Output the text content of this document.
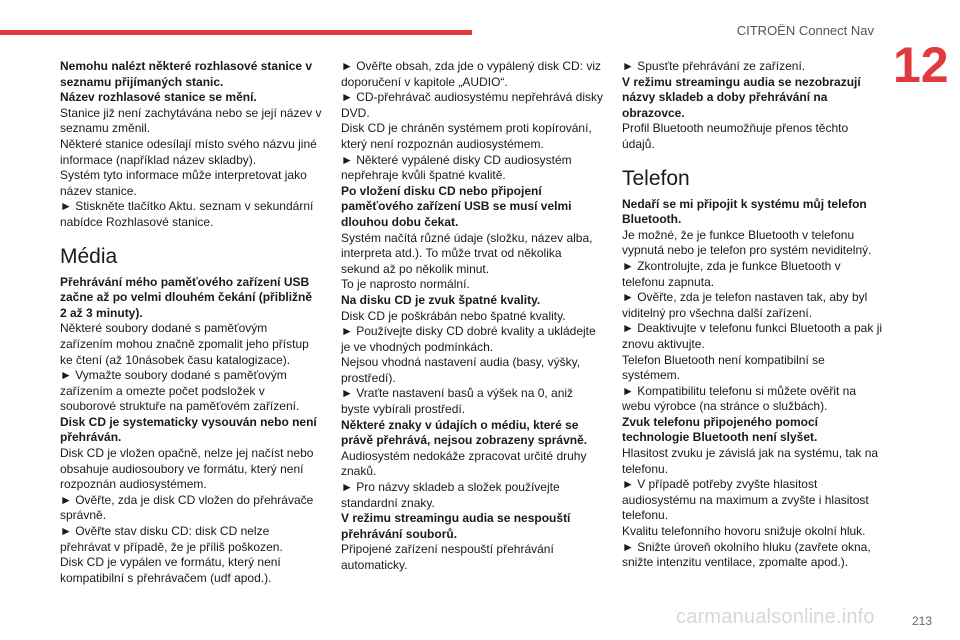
CITROËN Connect Nav
12

Nemohu nalézt některé rozhlasové stanice v seznamu přijímaných stanic.

Název rozhlasové stanice se mění.

Stanice již není zachytávána nebo se její název v seznamu změnil.

Některé stanice odesílají místo svého názvu jiné informace (například název skladby).

Systém tyto informace může interpretovat jako název stanice.

► Stiskněte tlačítko Aktu. seznam v sekundární nabídce Rozhlasové stanice.

Média

Přehrávání mého paměťového zařízení USB začne až po velmi dlouhém čekání (přibližně 2 až 3 minuty).

Některé soubory dodané s paměťovým zařízením mohou značně zpomalit jeho přístup ke čtení (až 10násobek času katalogizace).

► Vymažte soubory dodané s paměťovým zařízením a omezte počet podsložek v souborové struktuře na paměťovém zařízení.

Disk CD je systematicky vysouván nebo není přehráván.

Disk CD je vložen opačně, nelze jej načíst nebo obsahuje audiosoubory ve formátu, který není rozpoznán audiosystémem.

► Ověřte, zda je disk CD vložen do přehrávače správně.

► Ověřte stav disku CD: disk CD nelze přehrávat v případě, že je příliš poškozen.

Disk CD je vypálen ve formátu, který není kompatibilní s přehrávačem (udf apod.).

► Ověřte obsah, zda jde o vypálený disk CD: viz doporučení v kapitole „AUDIO“.

► CD-přehrávač audiosystému nepřehrává disky DVD.

Disk CD je chráněn systémem proti kopírování, který není rozpoznán audiosystémem.

► Některé vypálené disky CD audiosystém nepřehraje kvůli špatné kvalitě.

Po vložení disku CD nebo připojení paměťového zařízení USB se musí velmi dlouhou dobu čekat.

Systém načítá různé údaje (složku, název alba, interpreta atd.). To může trvat od několika sekund až po několik minut.

To je naprosto normální.

Na disku CD je zvuk špatné kvality.

Disk CD je poškrábán nebo špatné kvality.

► Používejte disky CD dobré kvality a ukládejte je ve vhodných podmínkách.

Nejsou vhodná nastavení audia (basy, výšky, prostředí).

► Vraťte nastavení basů a výšek na 0, aniž byste vybírali prostředí.

Některé znaky v údajích o médiu, které se právě přehrává, nejsou zobrazeny správně.

Audiosystém nedokáže zpracovat určité druhy znaků.

► Pro názvy skladeb a složek používejte standardní znaky.

V režimu streamingu audia se nespouští přehrávání souborů.

Připojené zařízení nespouští přehrávání automaticky.

► Spusťte přehrávání ze zařízení.

V režimu streamingu audia se nezobrazují názvy skladeb a doby přehrávání na obrazovce.

Profil Bluetooth neumožňuje přenos těchto údajů.

Telefon

Nedaří se mi připojit k systému můj telefon Bluetooth.

Je možné, že je funkce Bluetooth v telefonu vypnutá nebo je telefon pro systém neviditelný.

► Zkontrolujte, zda je funkce Bluetooth v telefonu zapnuta.

► Ověřte, zda je telefon nastaven tak, aby byl viditelný pro všechna další zařízení.

► Deaktivujte v telefonu funkci Bluetooth a pak ji znovu aktivujte.

Telefon Bluetooth není kompatibilní se systémem.

► Kompatibilitu telefonu si můžete ověřit na webu výrobce (na stránce o službách).

Zvuk telefonu připojeného pomocí technologie Bluetooth není slyšet.

Hlasitost zvuku je závislá jak na systému, tak na telefonu.

► V případě potřeby zvyšte hlasitost audiosystému na maximum a zvyšte i hlasitost telefonu.

Kvalitu telefonního hovoru snižuje okolní hluk.

► Snižte úroveň okolního hluku (zavřete okna, snižte intenzitu ventilace, zpomalte apod.).

carmanualsonline.info	213
